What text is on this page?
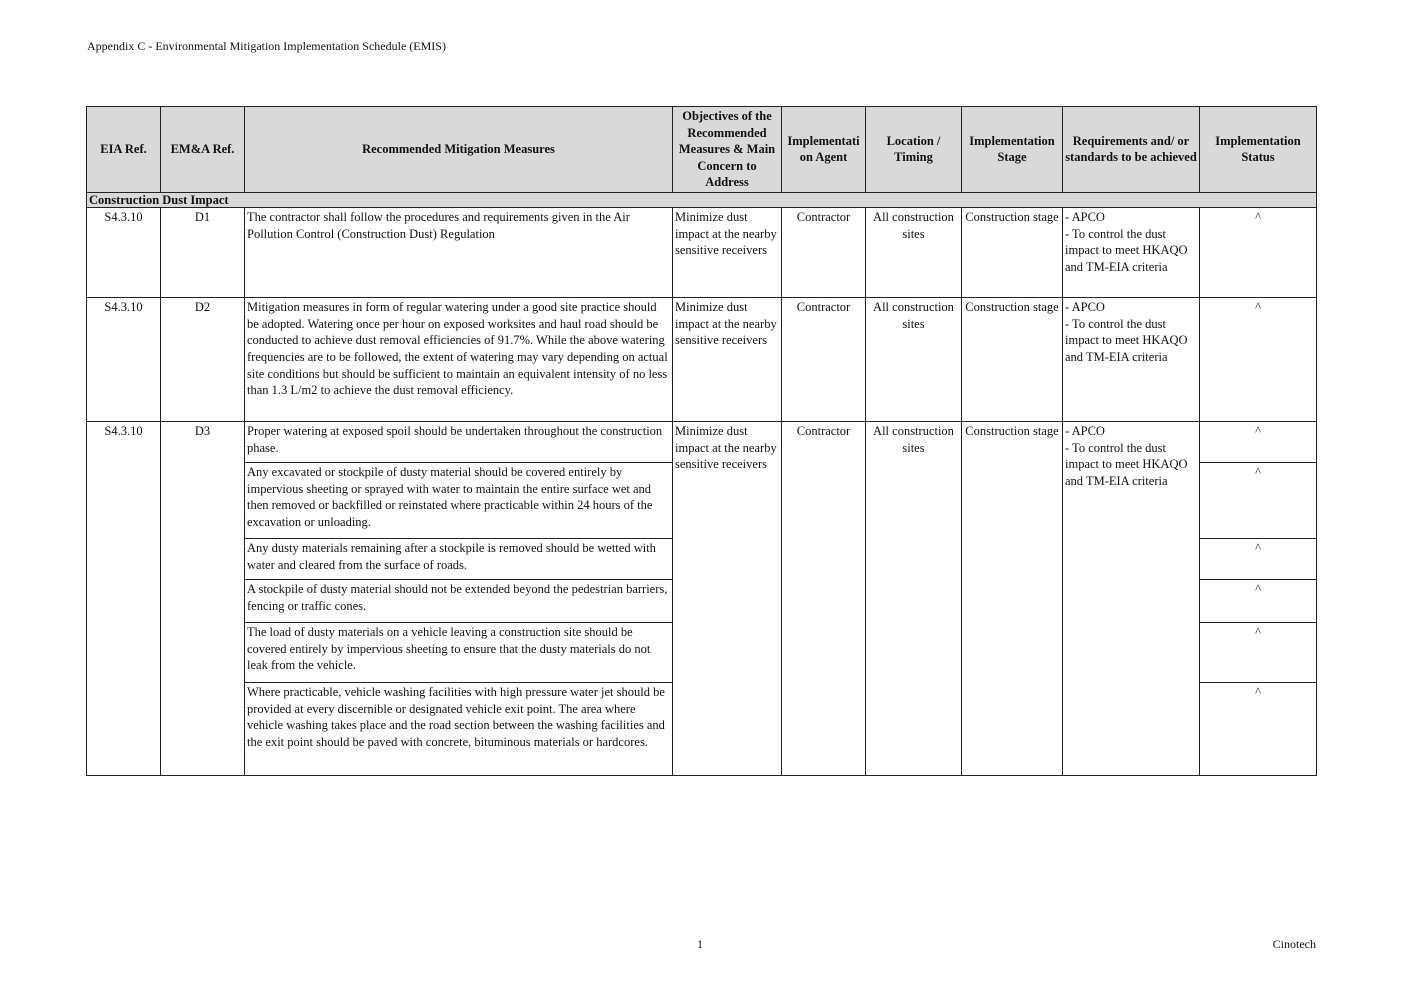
Appendix C - Environmental Mitigation Implementation Schedule (EMIS)
EIA Ref.	EM&A Ref.	Recommended Mitigation Measures	Objectives of the Recommended Measures & Main Concern to Address	Implementati on Agent	Location / Timing	Implementation Stage	Requirements and/ or standards to be achieved	Implementation Status
Construction Dust Impact								
S4.3.10	D1	The contractor shall follow the procedures and requirements given in the Air Pollution Control (Construction Dust) Regulation	Minimize dust impact at the nearby sensitive receivers	Contractor	All construction sites	Construction stage	- APCO
- To control the dust impact to meet HKAQO and TM-EIA criteria	^
S4.3.10	D2	Mitigation measures in form of regular watering under a good site practice should be adopted. Watering once per hour on exposed worksites and haul road should be conducted to achieve dust removal efficiencies of 91.7%. While the above watering frequencies are to be followed, the extent of watering may vary depending on actual site conditions but should be sufficient to maintain an equivalent intensity of no less than 1.3 L/m2 to achieve the dust removal efficiency.	Minimize dust impact at the nearby sensitive receivers	Contractor	All construction sites	Construction stage	- APCO
- To control the dust impact to meet HKAQO and TM-EIA criteria	^
S4.3.10	D3	Proper watering at exposed spoil should be undertaken throughout the construction phase.	Minimize dust impact at the nearby sensitive receivers	Contractor	All construction sites	Construction stage	- APCO
- To control the dust impact to meet HKAQO and TM-EIA criteria	^
		Any excavated or stockpile of dusty material should be covered entirely by impervious sheeting or sprayed with water to maintain the entire surface wet and then removed or backfilled or reinstated where practicable within 24 hours of the excavation or unloading.						^
		Any dusty materials remaining after a stockpile is removed should be wetted with water and cleared from the surface of roads.						^
		A stockpile of dusty material should not be extended beyond the pedestrian barriers, fencing or traffic cones.						^
		The load of dusty materials on a vehicle leaving a construction site should be covered entirely by impervious sheeting to ensure that the dusty materials do not leak from the vehicle.						^
		Where practicable, vehicle washing facilities with high pressure water jet should be provided at every discernible or designated vehicle exit point. The area where vehicle washing takes place and the road section between the washing facilities and the exit point should be paved with concrete, bituminous materials or hardcores.						^
1	Cinotech
